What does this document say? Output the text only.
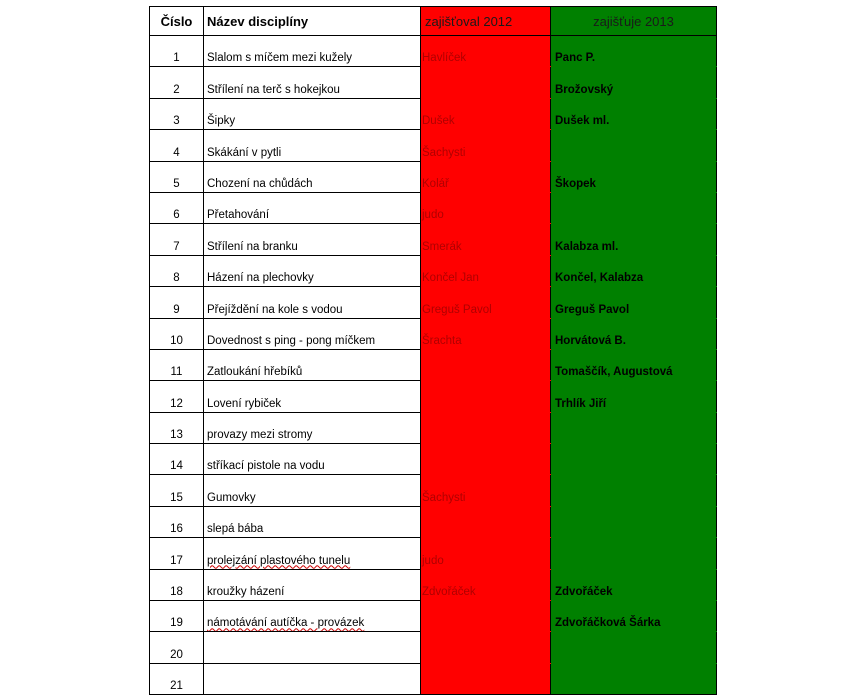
Číslo	Název disciplíny	zajišťoval 2012	zajišťuje 2013
1	Slalom s míčem mezi kužely	Havlíček	Panc P.
2	Střílení na terč s hokejkou		Brožovský
3	Šipky	Dušek	Dušek ml.
4	Skákání v pytli	Šachysti	
5	Chození na chůdách	Kolář	Škopek
6	Přetahování	judo	
7	Střílení na branku	Smerák	Kalabza ml.
8	Házení na plechovky	Končel Jan	Končel, Kalabza
9	Přejíždění na kole s vodou	Greguš Pavol	Greguš Pavol
10	Dovednost s ping - pong míčkem	Šrachta	Horvátová B.
11	Zatloukání hřebíků		Tomaščík, Augustová
12	Lovení rybiček		Trhlík Jiří
13	provazy mezi stromy		
14	stříkací pistole na vodu		
15	Gumovky	Šachysti	
16	slepá bába		
17	prolejzání plastového tunelu	judo	
18	kroužky házení	Zdvořáček	Zdvořáček
19	námotávání autíčka - provázek		Zdvořáčková Šárka
20			
21			
